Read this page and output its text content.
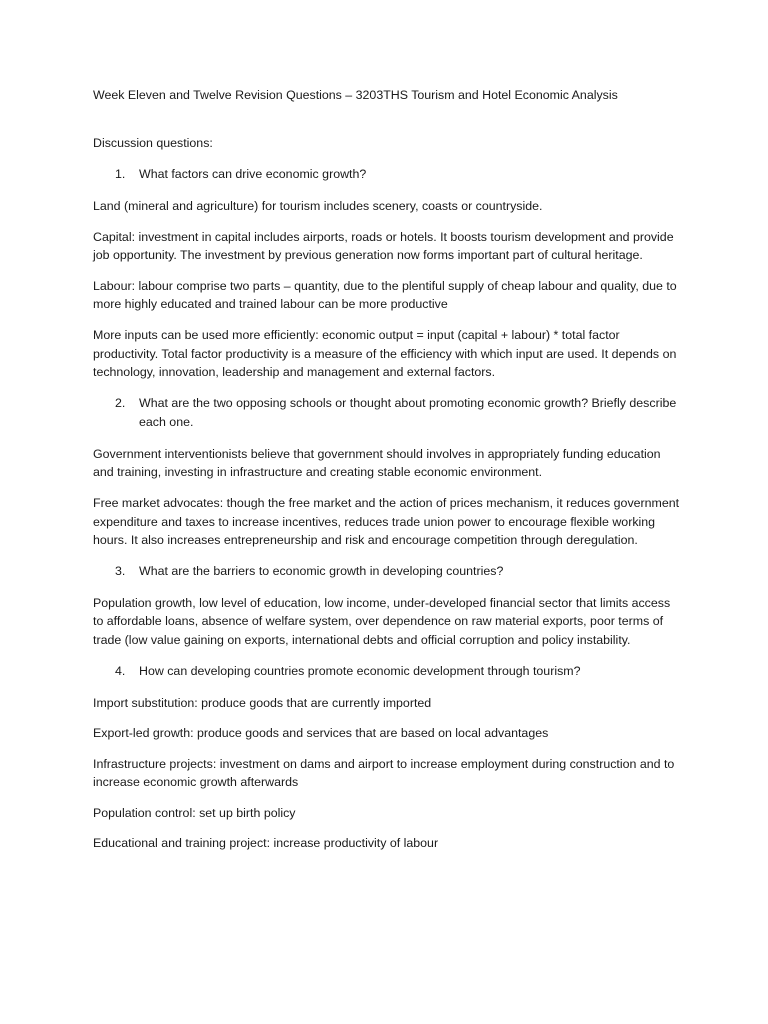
Week Eleven and Twelve Revision Questions – 3203THS Tourism and Hotel Economic Analysis
Discussion questions:
1.	What factors can drive economic growth?

Land (mineral and agriculture) for tourism includes scenery, coasts or countryside.

Capital: investment in capital includes airports, roads or hotels. It boosts tourism development and provide job opportunity. The investment by previous generation now forms important part of cultural heritage.

Labour: labour comprise two parts – quantity, due to the plentiful supply of cheap labour and quality, due to more highly educated and trained labour can be more productive

More inputs can be used more efficiently: economic output = input (capital + labour) * total factor productivity. Total factor productivity is a measure of the efficiency with which input are used. It depends on technology, innovation, leadership and management and external factors.

2.	What are the two opposing schools or thought about promoting economic growth? Briefly describe each one.

Government interventionists believe that government should involves in appropriately funding education and training, investing in infrastructure and creating stable economic environment.

Free market advocates: though the free market and the action of prices mechanism, it reduces government expenditure and taxes to increase incentives, reduces trade union power to encourage flexible working hours. It also increases entrepreneurship and risk and encourage competition through deregulation.

3.	What are the barriers to economic growth in developing countries?

Population growth, low level of education, low income, under-developed financial sector that limits access to affordable loans, absence of welfare system, over dependence on raw material exports, poor terms of trade (low value gaining on exports, international debts and official corruption and policy instability.

4.	How can developing countries promote economic development through tourism?

Import substitution: produce goods that are currently imported

Export-led growth: produce goods and services that are based on local advantages

Infrastructure projects: investment on dams and airport to increase employment during construction and to increase economic growth afterwards

Population control: set up birth policy

Educational and training project: increase productivity of labour
